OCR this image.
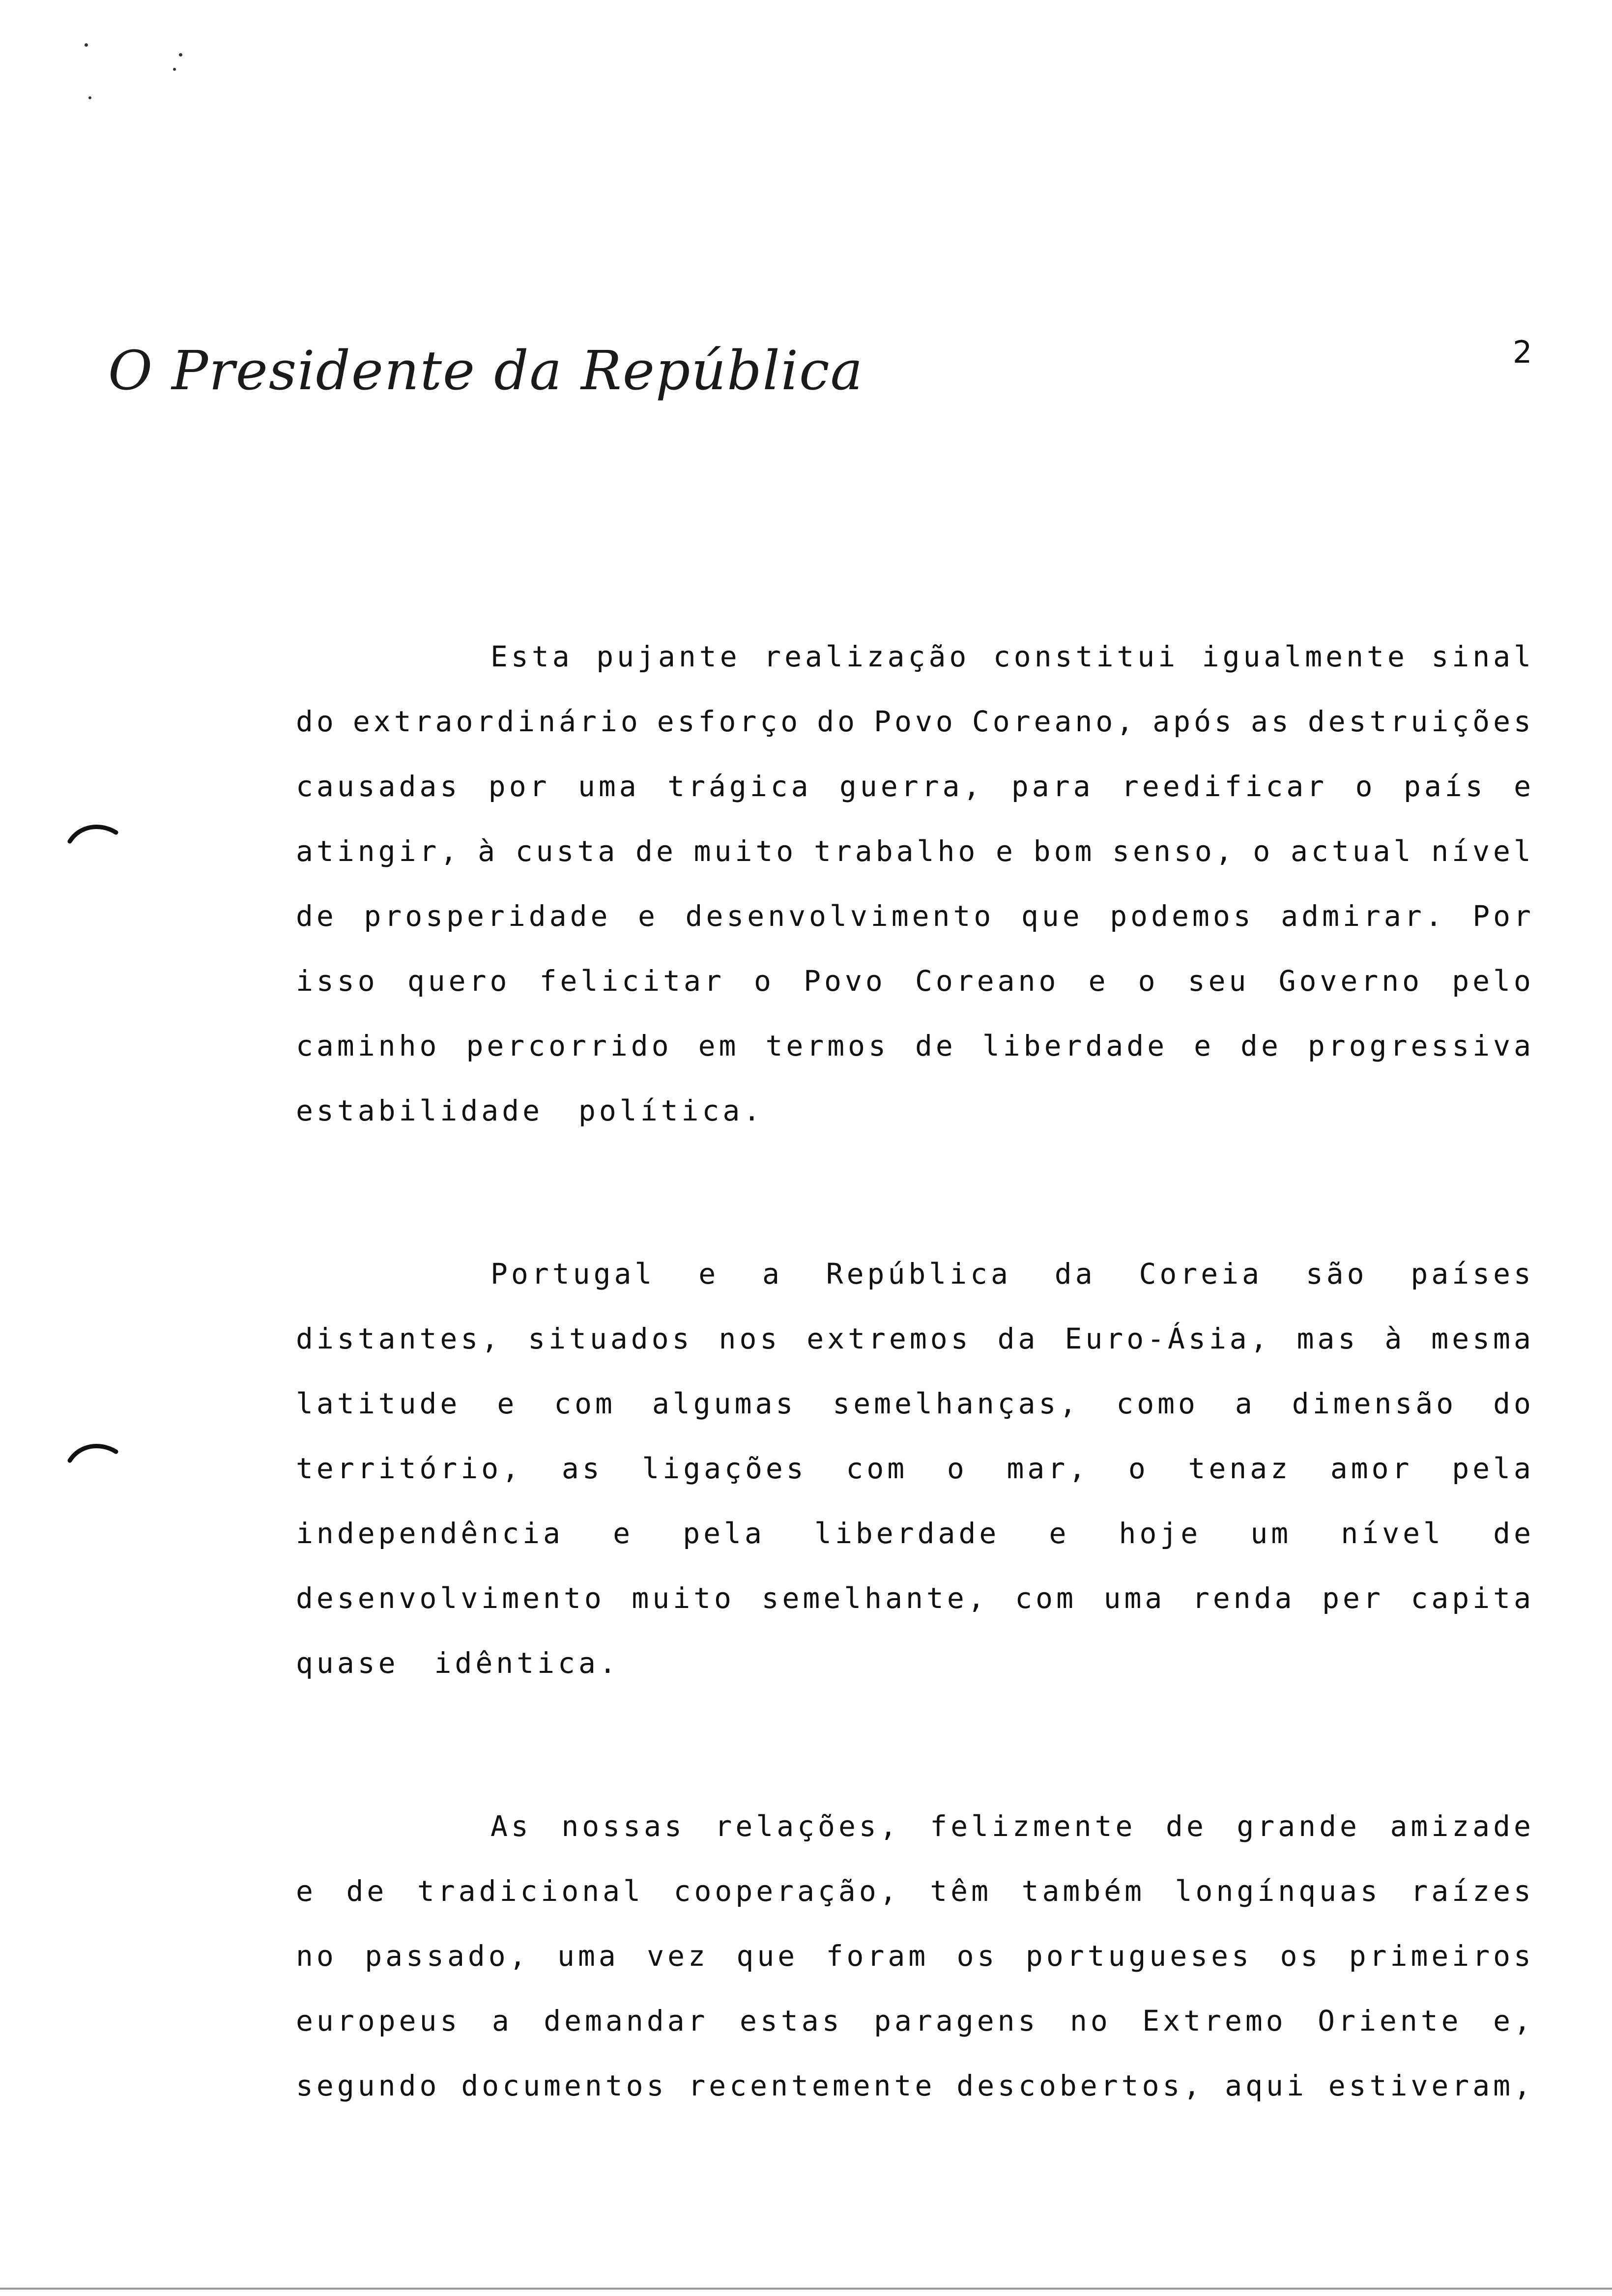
O Presidente da República	2
Esta pujante realização constitui igualmente sinal
do extraordinário esforço do Povo Coreano, após as destruições
causadas por uma trágica guerra, para reedificar o país e
atingir, à custa de muito trabalho e bom senso, o actual nível
de prosperidade e desenvolvimento que podemos admirar. Por
isso quero felicitar o Povo Coreano e o seu Governo pelo
caminho percorrido em termos de liberdade e de progressiva
estabilidade política.
Portugal e a República da Coreia são países
distantes, situados nos extremos da Euro-Ásia, mas à mesma
latitude e com algumas semelhanças, como a dimensão do
território, as ligações com o mar, o tenaz amor pela
independência e pela liberdade e hoje um nível de
desenvolvimento muito semelhante, com uma renda per capita
quase idêntica.
As nossas relações, felizmente de grande amizade
e de tradicional cooperação, têm também longínquas raízes
no passado, uma vez que foram os portugueses os primeiros
europeus a demandar estas paragens no Extremo Oriente e,
segundo documentos recentemente descobertos, aqui estiveram,
